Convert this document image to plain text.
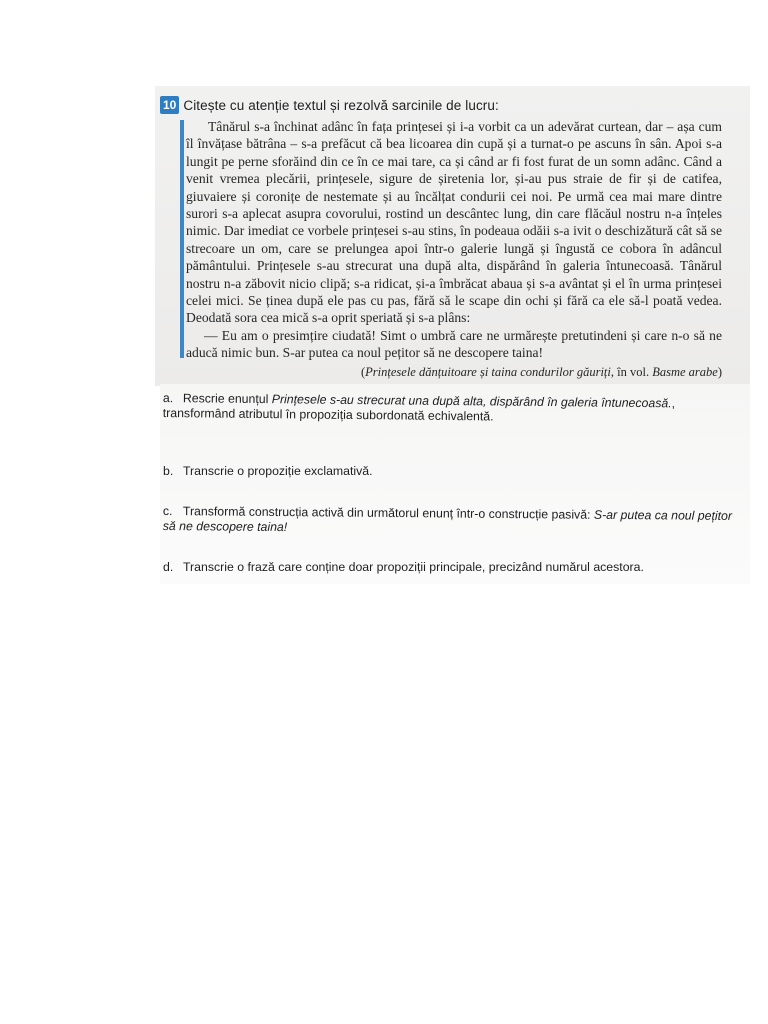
10 Citește cu atenție textul și rezolvă sarcinile de lucru:

Tânărul s-a închinat adânc în fața prințesei și i-a vorbit ca un adevărat curtean, dar – așa cum îl învățase bătrâna – s-a prefăcut că bea licoarea din cupă și a turnat-o pe ascuns în sân. Apoi s-a lungit pe perne sforăind din ce în ce mai tare, ca și când ar fi fost furat de un somn adânc. Când a venit vremea plecării, prințesele, sigure de șiretenia lor, și-au pus straie de fir și de catifea, giuvaiere și coronițe de nestemate și au încălțat condurii cei noi. Pe urmă cea mai mare dintre surori s-a aplecat asupra covorului, rostind un descântec lung, din care flăcăul nostru n-a înțeles nimic. Dar imediat ce vorbele prințesei s-au stins, în podeaua odăii s-a ivit o deschizătură cât să se strecoare un om, care se prelungea apoi într-o galerie lungă și îngustă ce cobora în adâncul pământului. Prințesele s-au strecurat una după alta, dispărând în galeria întunecoasă. Tânărul nostru n-a zăbovit nicio clipă; s-a ridicat, și-a îmbrăcat abaua și s-a avântat și el în urma prințesei celei mici. Se ținea după ele pas cu pas, fără să le scape din ochi și fără ca ele să-l poată vedea. Deodată sora cea mică s-a oprit speriată și s-a plâns:

— Eu am o presimțire ciudată! Simt o umbră care ne urmărește pretutindeni și care n-o să ne aducă nimic bun. S-ar putea ca noul pețitor să ne descopere taina!

(Prințesele dănțuitoare și taina condurilor găuriți, în vol. Basme arabe)

a. Rescrie enunțul Prințesele s-au strecurat una după alta, dispărând în galeria întunecoasă., transformând atributul în propoziția subordonată echivalentă.
b. Transcrie o propoziție exclamativă.
c. Transformă construcția activă din următorul enunț într-o construcție pasivă: S-ar putea ca noul pețitor să ne descopere taina!
d. Transcrie o frază care conține doar propoziții principale, precizând numărul acestora.
